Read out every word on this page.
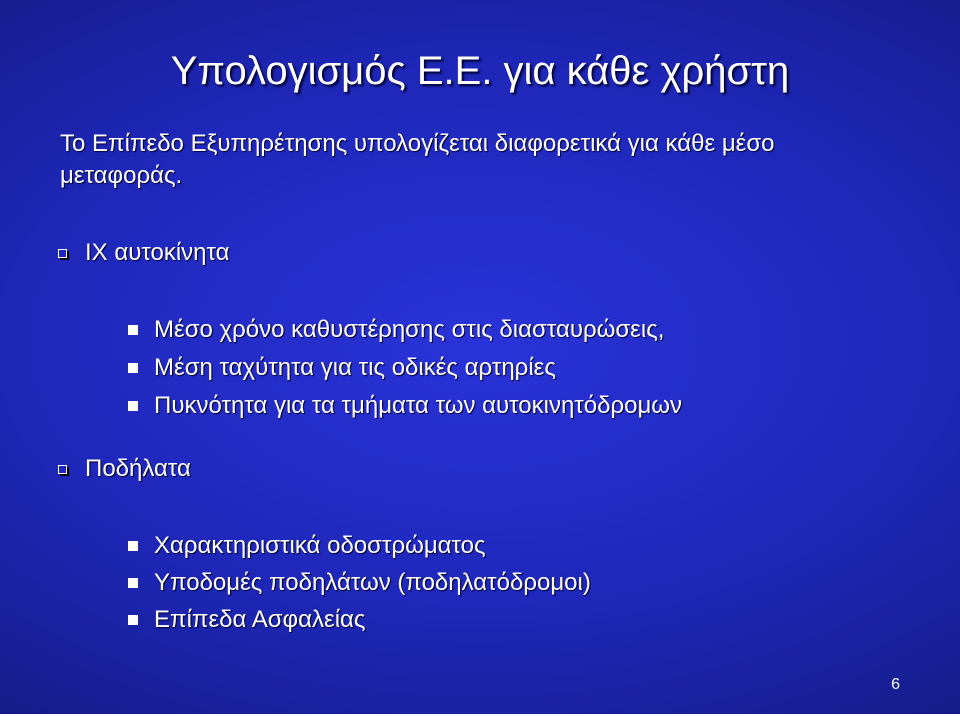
Υπολογισμός Ε.Ε. για κάθε χρήστη
Το Επίπεδο Εξυπηρέτησης υπολογίζεται διαφορετικά για κάθε μέσο μεταφοράς.
ΙΧ αυτοκίνητα
Μέσο χρόνο καθυστέρησης στις διασταυρώσεις,
Μέση ταχύτητα για τις οδικές αρτηρίες
Πυκνότητα για τα τμήματα των αυτοκινητόδρομων
Ποδήλατα
Χαρακτηριστικά οδοστρώματος
Υποδομές ποδηλάτων (ποδηλατόδρομοι)
Επίπεδα Ασφαλείας
6
